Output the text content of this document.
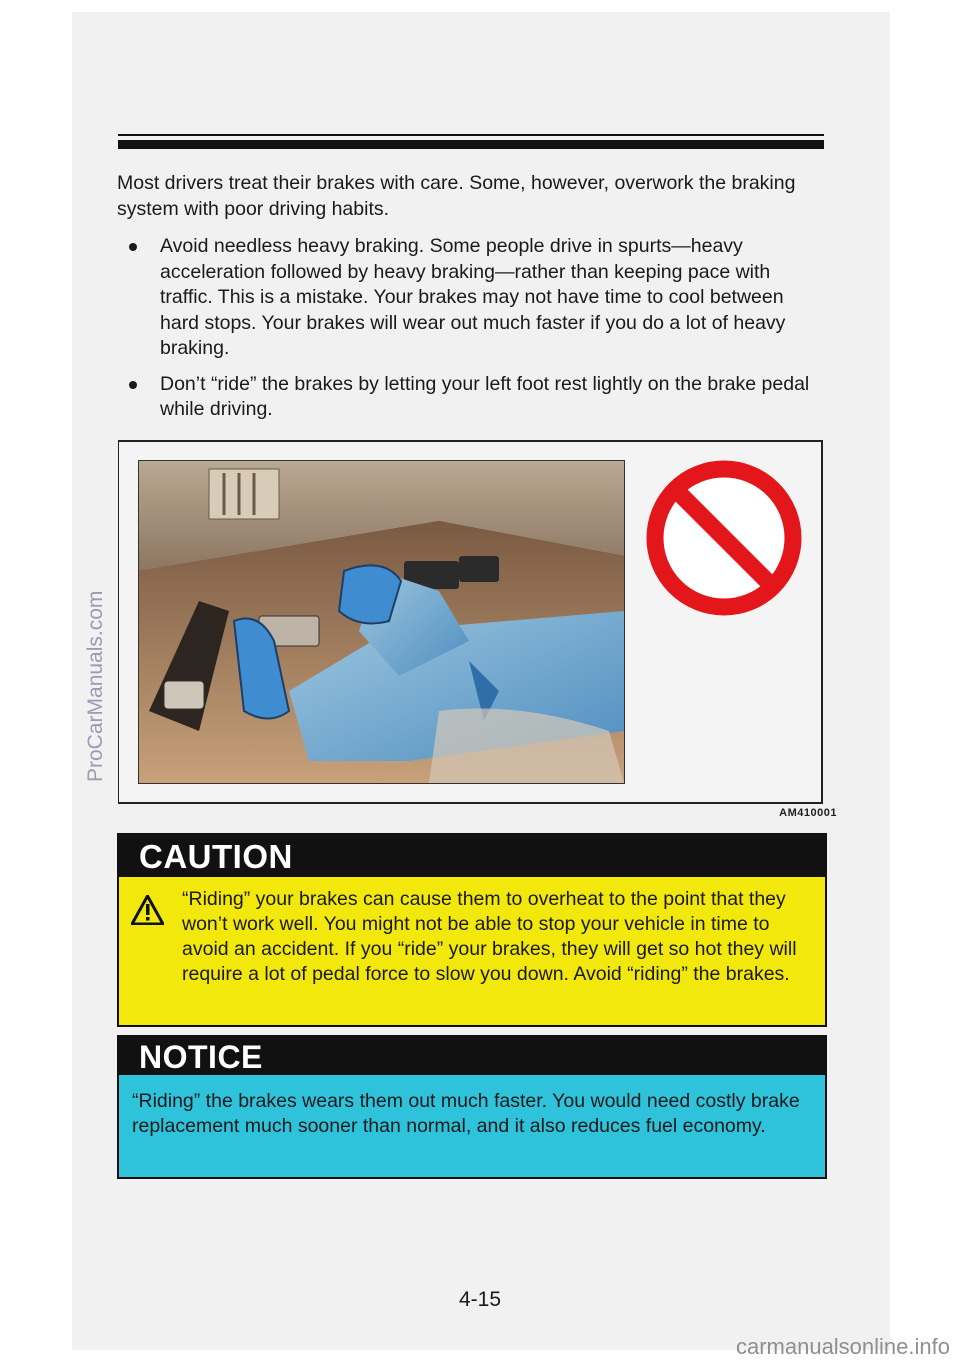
Most drivers treat their brakes with care. Some, however, overwork the braking system with poor driving habits.

Avoid needless heavy braking. Some people drive in spurts—heavy acceleration followed by heavy braking—rather than keeping pace with traffic. This is a mistake. Your brakes may not have time to cool between hard stops. Your brakes will wear out much faster if you do a lot of heavy braking.
Don’t “ride” the brakes by letting your left foot rest lightly on the brake pedal while driving.
AM410001
CAUTION
“Riding” your brakes can cause them to overheat to the point that they won’t work well. You might not be able to stop your vehicle in time to avoid an accident. If you “ride” your brakes, they will get so hot they will require a lot of pedal force to slow you down. Avoid “riding” the brakes.
NOTICE
“Riding” the brakes wears them out much faster. You would need costly brake replacement much sooner than normal, and it also reduces fuel economy.
4-15
ProCarManuals.com
carmanualsonline.info
